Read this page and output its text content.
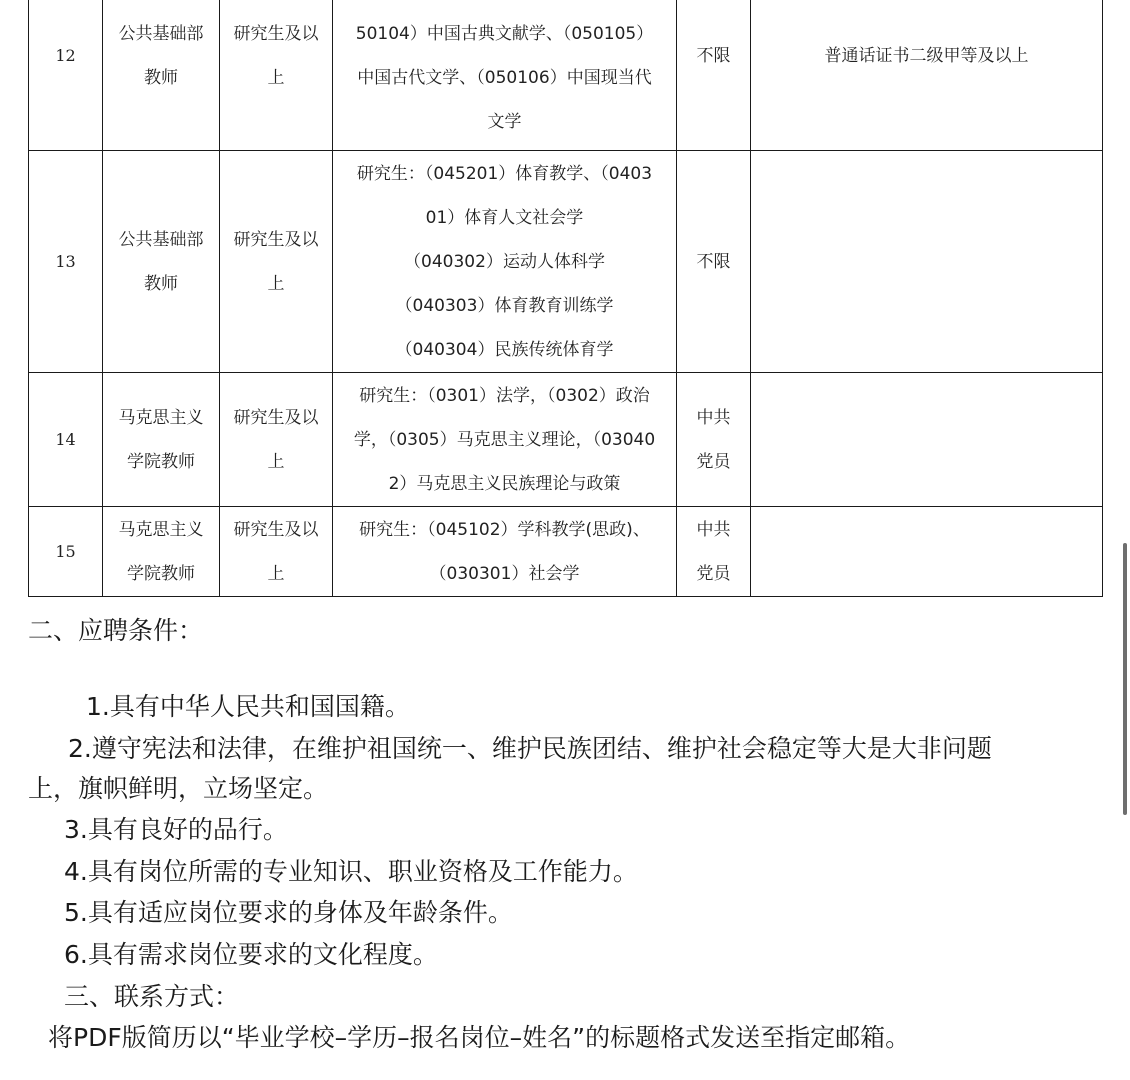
12	公共基础部
教师	研究生及以
上	50104）中国古典文献学、（050105）
中国古代文学、（050106）中国现当代
文学	不限	普通话证书二级甲等及以上
13	公共基础部
教师	研究生及以
上	研究生：（045201）体育教学、（0403
01）体育人文社会学
（040302）运动人体科学
（040303）体育教育训练学
（040304）民族传统体育学	不限	
14	马克思主义
学院教师	研究生及以
上	研究生：（0301）法学，（0302）政治
学，（0305）马克思主义理论，（03040
2）马克思主义民族理论与政策	中共
党员	

15	马克思主义
学院教师	研究生及以
上	研究生：（045102）学科教学(思政)、
（030301）社会学	中共
党员	

二、应聘条件：
1.具有中华人民共和国国籍。
2.遵守宪法和法律，在维护祖国统一、维护民族团结、维护社会稳定等大是大非问题
上，旗帜鲜明，立场坚定。
3.具有良好的品行。
4.具有岗位所需的专业知识、职业资格及工作能力。
5.具有适应岗位要求的身体及年龄条件。
6.具有需求岗位要求的文化程度。
三、联系方式：
将PDF版简历以“毕业学校–学历–报名岗位–姓名”的标题格式发送至指定邮箱。
